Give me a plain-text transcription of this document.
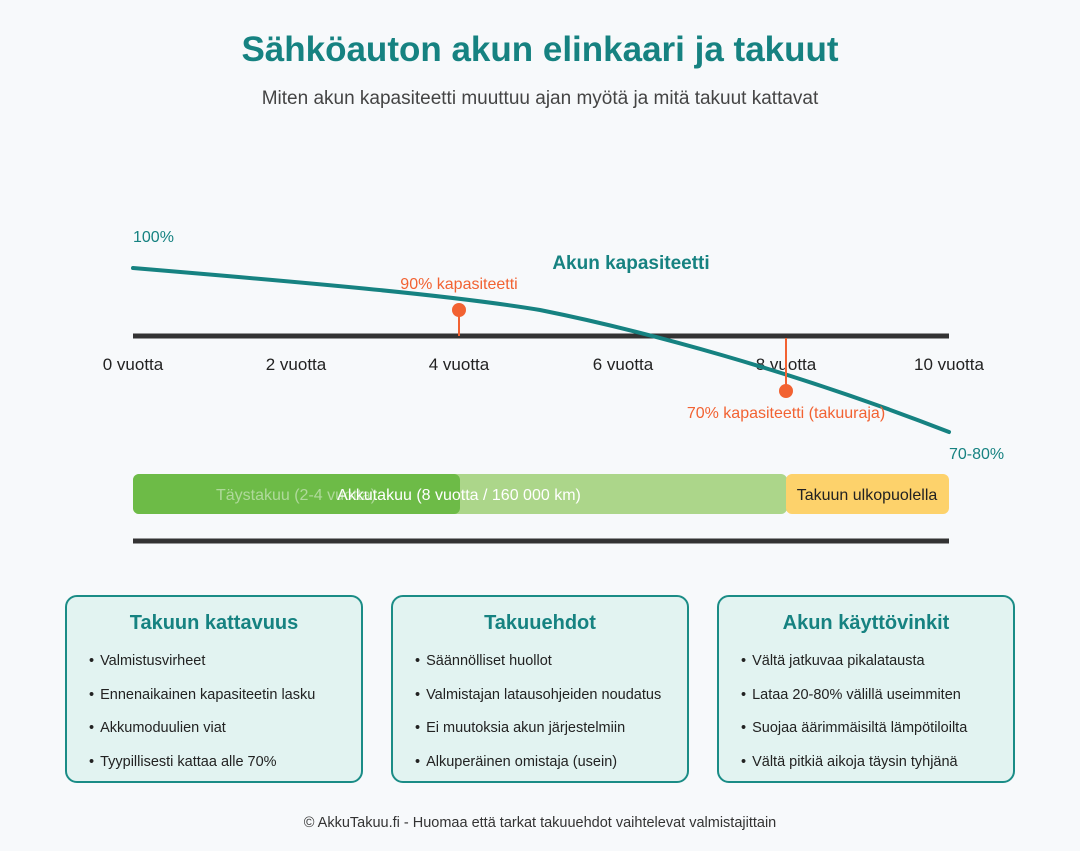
Sähköauton akun elinkaari ja takuut
Miten akun kapasiteetti muuttuu ajan myötä ja mitä takuut kattavat
0 vuotta	2 vuotta	4 vuotta	6 vuotta	8 vuotta	10 vuotta
Akun kapasiteetti
100%
70-80%
90% kapasiteetti
70% kapasiteetti (takuuraja)
Täystakuu (2-4 vuotta)
Akkutakuu (8 vuotta / 160 000 km)	Takuun ulkopuolella
Takuun kattavuus
• Valmistusvirheet
• Ennenaikainen kapasiteetin lasku
• Akkumoduulien viat
• Tyypillisesti kattaa alle 70%
Takuuehdot
• Säännölliset huollot
• Valmistajan latausohjeiden noudatus
• Ei muutoksia akun järjestelmiin
• Alkuperäinen omistaja (usein)
Akun käyttövinkit
• Vältä jatkuvaa pikalatausta
• Lataa 20-80% välillä useimmiten
• Suojaa äärimmäisiltä lämpötiloilta
• Vältä pitkiä aikoja täysin tyhjänä
© AkkuTakuu.fi - Huomaa että tarkat takuuehdot vaihtelevat valmistajittain
